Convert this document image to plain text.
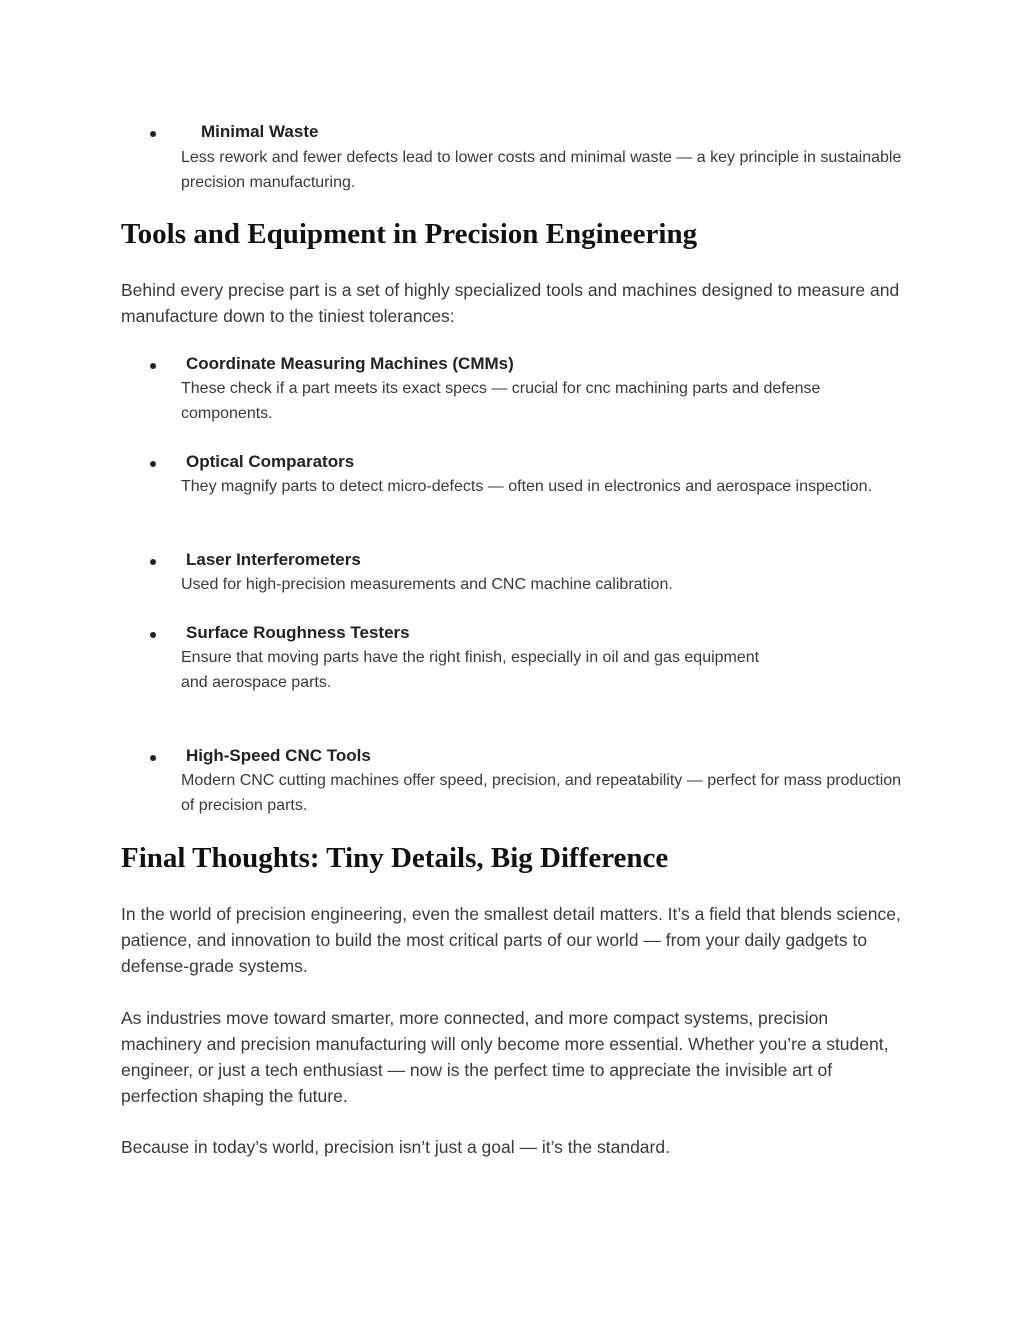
Minimal Waste
Less rework and fewer defects lead to lower costs and minimal waste — a key principle in sustainable precision manufacturing.
Tools and Equipment in Precision Engineering

Behind every precise part is a set of highly specialized tools and machines designed to measure and manufacture down to the tiniest tolerances:

Coordinate Measuring Machines (CMMs)
These check if a part meets its exact specs — crucial for cnc machining parts and defense components.
Optical Comparators
They magnify parts to detect micro-defects — often used in electronics and aerospace inspection.
Laser Interferometers
Used for high-precision measurements and CNC machine calibration.
Surface Roughness Testers
Ensure that moving parts have the right finish, especially in oil and gas equipment and aerospace parts.
High-Speed CNC Tools
Modern CNC cutting machines offer speed, precision, and repeatability — perfect for mass production of precision parts.
Final Thoughts: Tiny Details, Big Difference

In the world of precision engineering, even the smallest detail matters. It’s a field that blends science, patience, and innovation to build the most critical parts of our world — from your daily gadgets to defense-grade systems.

As industries move toward smarter, more connected, and more compact systems, precision machinery and precision manufacturing will only become more essential. Whether you’re a student, engineer, or just a tech enthusiast — now is the perfect time to appreciate the invisible art of perfection shaping the future.

Because in today’s world, precision isn’t just a goal — it’s the standard.
